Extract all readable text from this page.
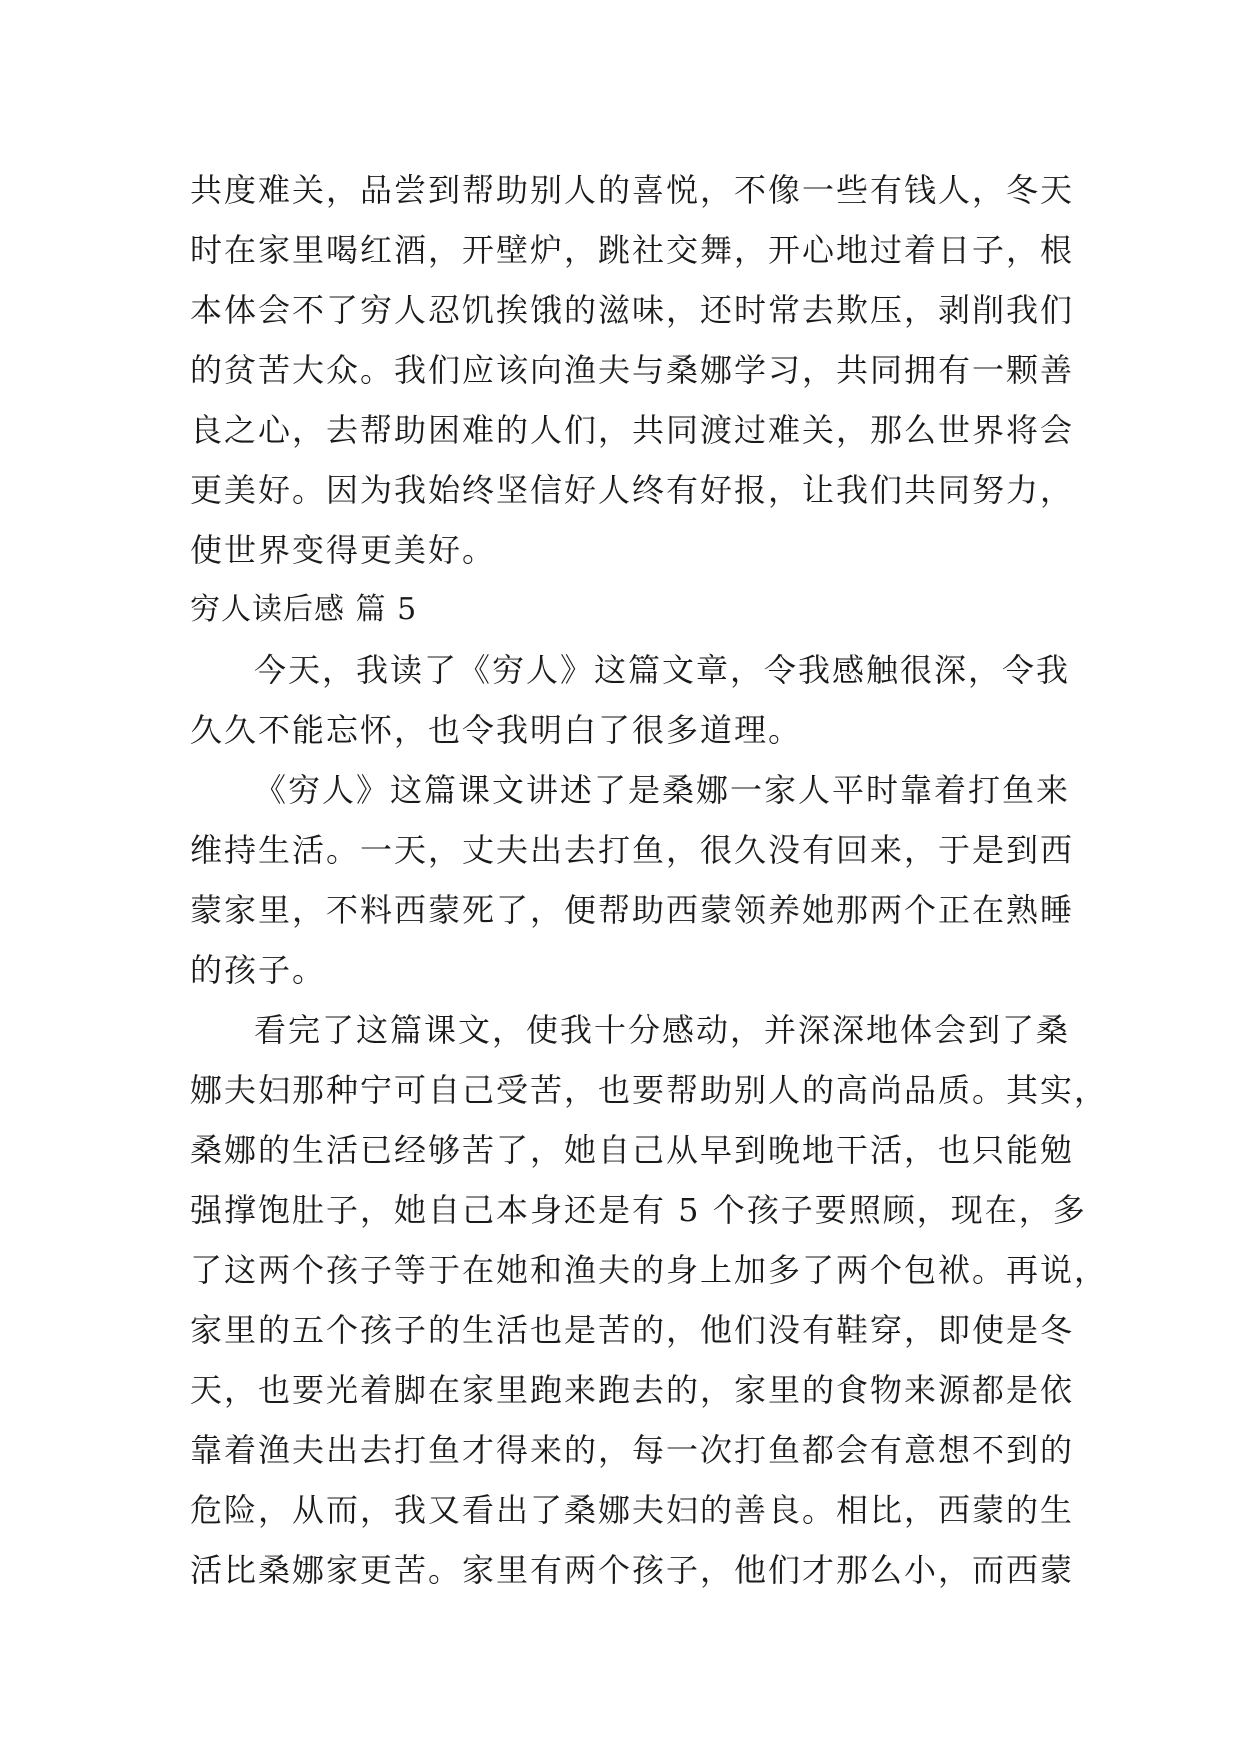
共度难关，品尝到帮助别人的喜悦，不像一些有钱人，冬天
时在家里喝红酒，开壁炉，跳社交舞，开心地过着日子，根
本体会不了穷人忍饥挨饿的滋味，还时常去欺压，剥削我们
的贫苦大众。我们应该向渔夫与桑娜学习，共同拥有一颗善
良之心，去帮助困难的人们，共同渡过难关，那么世界将会
更美好。因为我始终坚信好人终有好报，让我们共同努力，
使世界变得更美好。
穷人读后感 篇 5
今天，我读了《穷人》这篇文章，令我感触很深，令我
久久不能忘怀，也令我明白了很多道理。
《穷人》这篇课文讲述了是桑娜一家人平时靠着打鱼来
维持生活。一天，丈夫出去打鱼，很久没有回来，于是到西
蒙家里，不料西蒙死了，便帮助西蒙领养她那两个正在熟睡
的孩子。
看完了这篇课文，使我十分感动，并深深地体会到了桑
娜夫妇那种宁可自己受苦，也要帮助别人的高尚品质。其实，
桑娜的生活已经够苦了，她自己从早到晚地干活，也只能勉
强撑饱肚子，她自己本身还是有 5 个孩子要照顾，现在，多
了这两个孩子等于在她和渔夫的身上加多了两个包袱。再说，
家里的五个孩子的生活也是苦的，他们没有鞋穿，即使是冬
天，也要光着脚在家里跑来跑去的，家里的食物来源都是依
靠着渔夫出去打鱼才得来的，每一次打鱼都会有意想不到的
危险，从而，我又看出了桑娜夫妇的善良。相比，西蒙的生
活比桑娜家更苦。家里有两个孩子，他们才那么小，而西蒙
